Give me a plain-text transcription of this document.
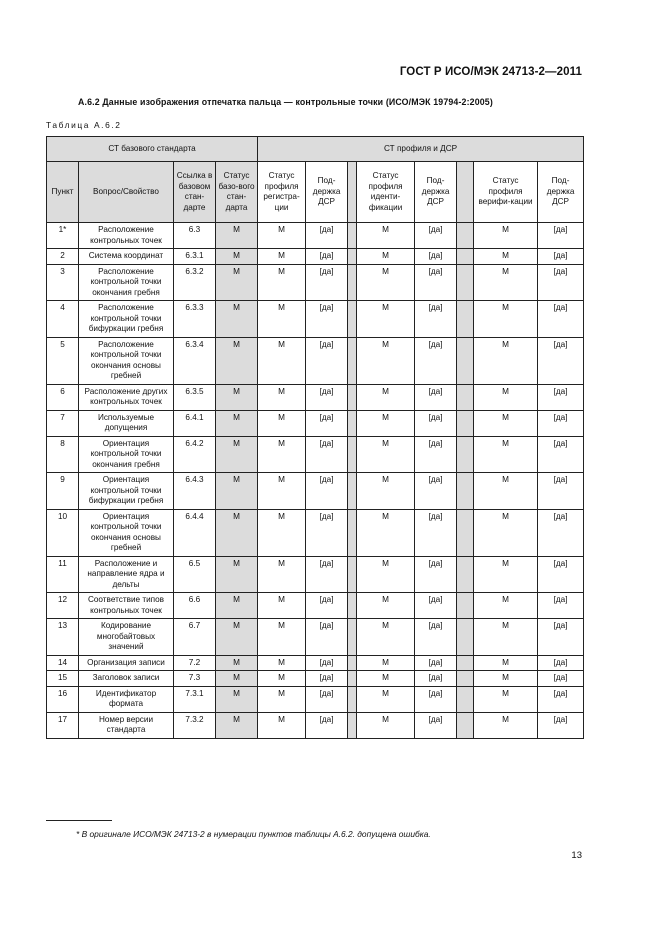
ГОСТ Р ИСО/МЭК 24713-2—2011
А.6.2 Данные изображения отпечатка пальца — контрольные точки (ИСО/МЭК 19794-2:2005)
Таблица А.6.2
СТ базового стандарта				СТ профиля и ДСР							
Пункт	Вопрос/Свойство	Ссылка в базовом стан-дарте	Статус базо-вого стан-дарта	Статус профиля регистра-ции	Под-держка ДСР		Статус профиля иденти-фикации	Под-держка ДСР		Статус профиля верифи-кации	Под-держка ДСР
1*	Расположение контрольных точек	6.3	M	M	[да]		M	[да]		M	[да]
2	Система координат	6.3.1	M	M	[да]		M	[да]		M	[да]
3	Расположение контрольной точки окончания гребня	6.3.2	M	M	[да]		M	[да]		M	[да]
4	Расположение контрольной точки бифуркации гребня	6.3.3	M	M	[да]		M	[да]		M	[да]
5	Расположение контрольной точки окончания основы гребней	6.3.4	M	M	[да]		M	[да]		M	[да]
6	Расположение других контрольных точек	6.3.5	M	M	[да]		M	[да]		M	[да]
7	Используемые допущения	6.4.1	M	M	[да]		M	[да]		M	[да]
8	Ориентация контрольной точки окончания гребня	6.4.2	M	M	[да]		M	[да]		M	[да]
9	Ориентация контрольной точки бифуркации гребня	6.4.3	M	M	[да]		M	[да]		M	[да]
10	Ориентация контрольной точки окончания основы гребней	6.4.4	M	M	[да]		M	[да]		M	[да]
11	Расположение и направление ядра и дельты	6.5	M	M	[да]		M	[да]		M	[да]
12	Соответствие типов контрольных точек	6.6	M	M	[да]		M	[да]		M	[да]
13	Кодирование многобайтовых значений	6.7	M	M	[да]		M	[да]		M	[да]
14	Организация записи	7.2	M	M	[да]		M	[да]		M	[да]
15	Заголовок записи	7.3	M	M	[да]		M	[да]		M	[да]
16	Идентификатор формата	7.3.1	M	M	[да]		M	[да]		M	[да]
17	Номер версии стандарта	7.3.2	M	M	[да]		M	[да]		M	[да]
* В оригинале ИСО/МЭК 24713-2 в нумерации пунктов таблицы А.6.2. допущена ошибка.
13
